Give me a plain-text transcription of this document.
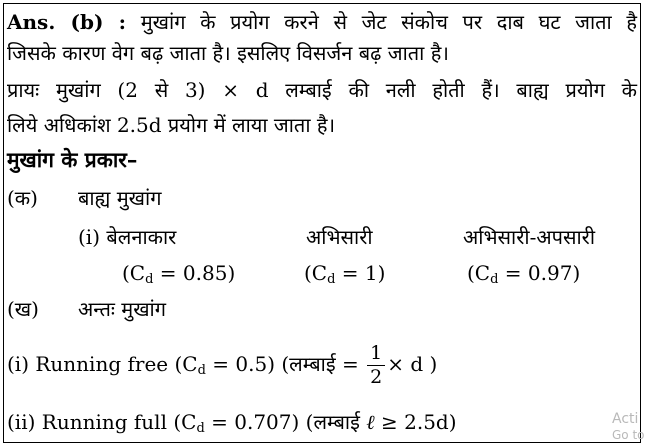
Ans. (b) : मुखांग के प्रयोग करने से जेट संकोच पर दाब घट जाता है
जिसके कारण वेग बढ़ जाता है। इसलिए विसर्जन बढ़ जाता है।
प्रायः मुखांग (2 से 3) × d लम्बाई की नली होती हैं। बाह्य प्रयोग के
लिये अधिकांश 2.5d प्रयोग में लाया जाता है।
मुखांग के प्रकार–
(क) बाह्य मुखांग
(i) बेलनाकार	अभिसारी	अभिसारी-अपसारी
$(C_d = 0.85)$	$(C_d = 1)$	$(C_d = 0.97)$
(ख) अन्तः मुखांग
(i) Running free $(C_d = 0.5)$ (लम्बाई = $\frac{1}{2} \times d$ )
(ii) Running full $(C_d = 0.707)$ (लम्बाई ℓ ≥ 2.5d)	Acti
Go to
